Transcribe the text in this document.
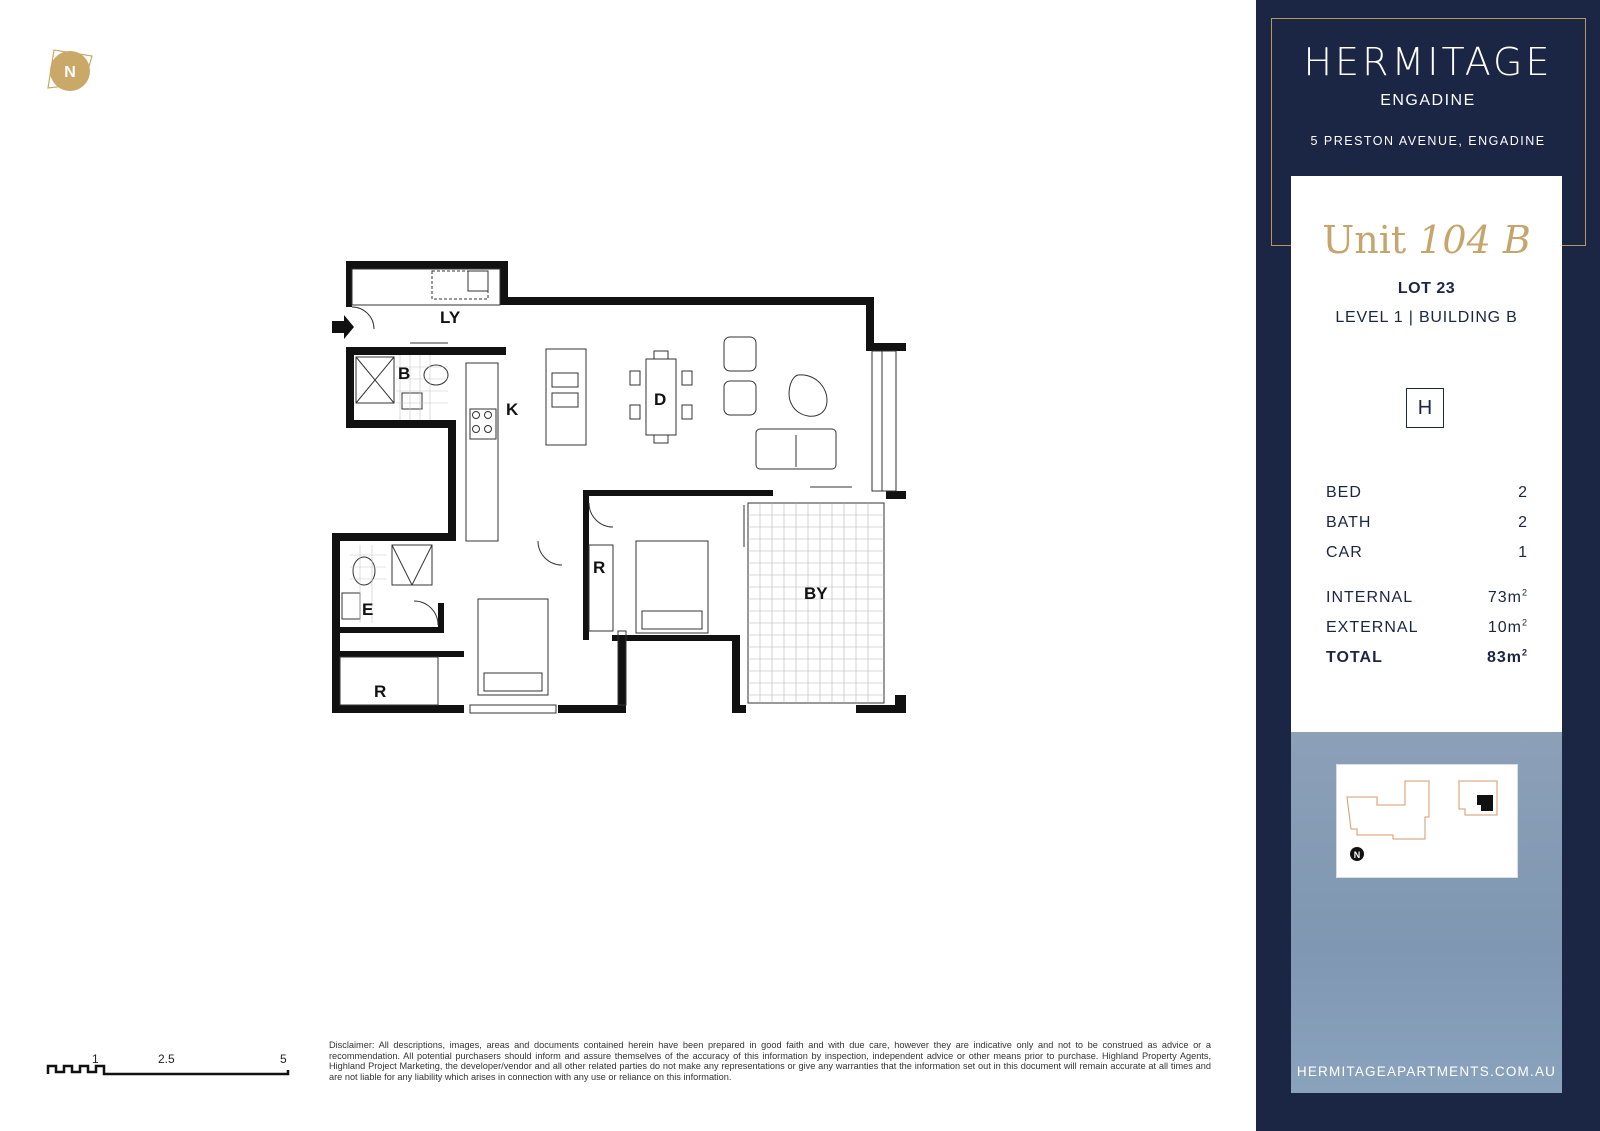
N
LY
B
K
D
R
BY
E
R
1	2.5	5
Disclaimer: All descriptions, images, areas and documents contained herein have been prepared in good faith and with due care, however they are indicative only and not to be construed as advice or a recommendation. All potential purchasers should inform and assure themselves of the accuracy of this information by inspection, independent advice or other means prior to purchase. Highland Property Agents, Highland Project Marketing, the developer/vendor and all other related parties do not make any representations or give any warranties that the information set out in this document will remain accurate at all times and are not liable for any liability which arises in connection with any use or reliance on this information.
HERMITAGE
ENGADINE
5 PRESTON AVENUE, ENGADINE
Unit 104 B
LOT 23
LEVEL 1 | BUILDING B
H
BED	2
BATH	2
CAR	1
INTERNAL	$73m^2$
EXTERNAL	$10m^2$
TOTAL	$83m^2$
N
HERMITAGEAPARTMENTS.COM.AU
